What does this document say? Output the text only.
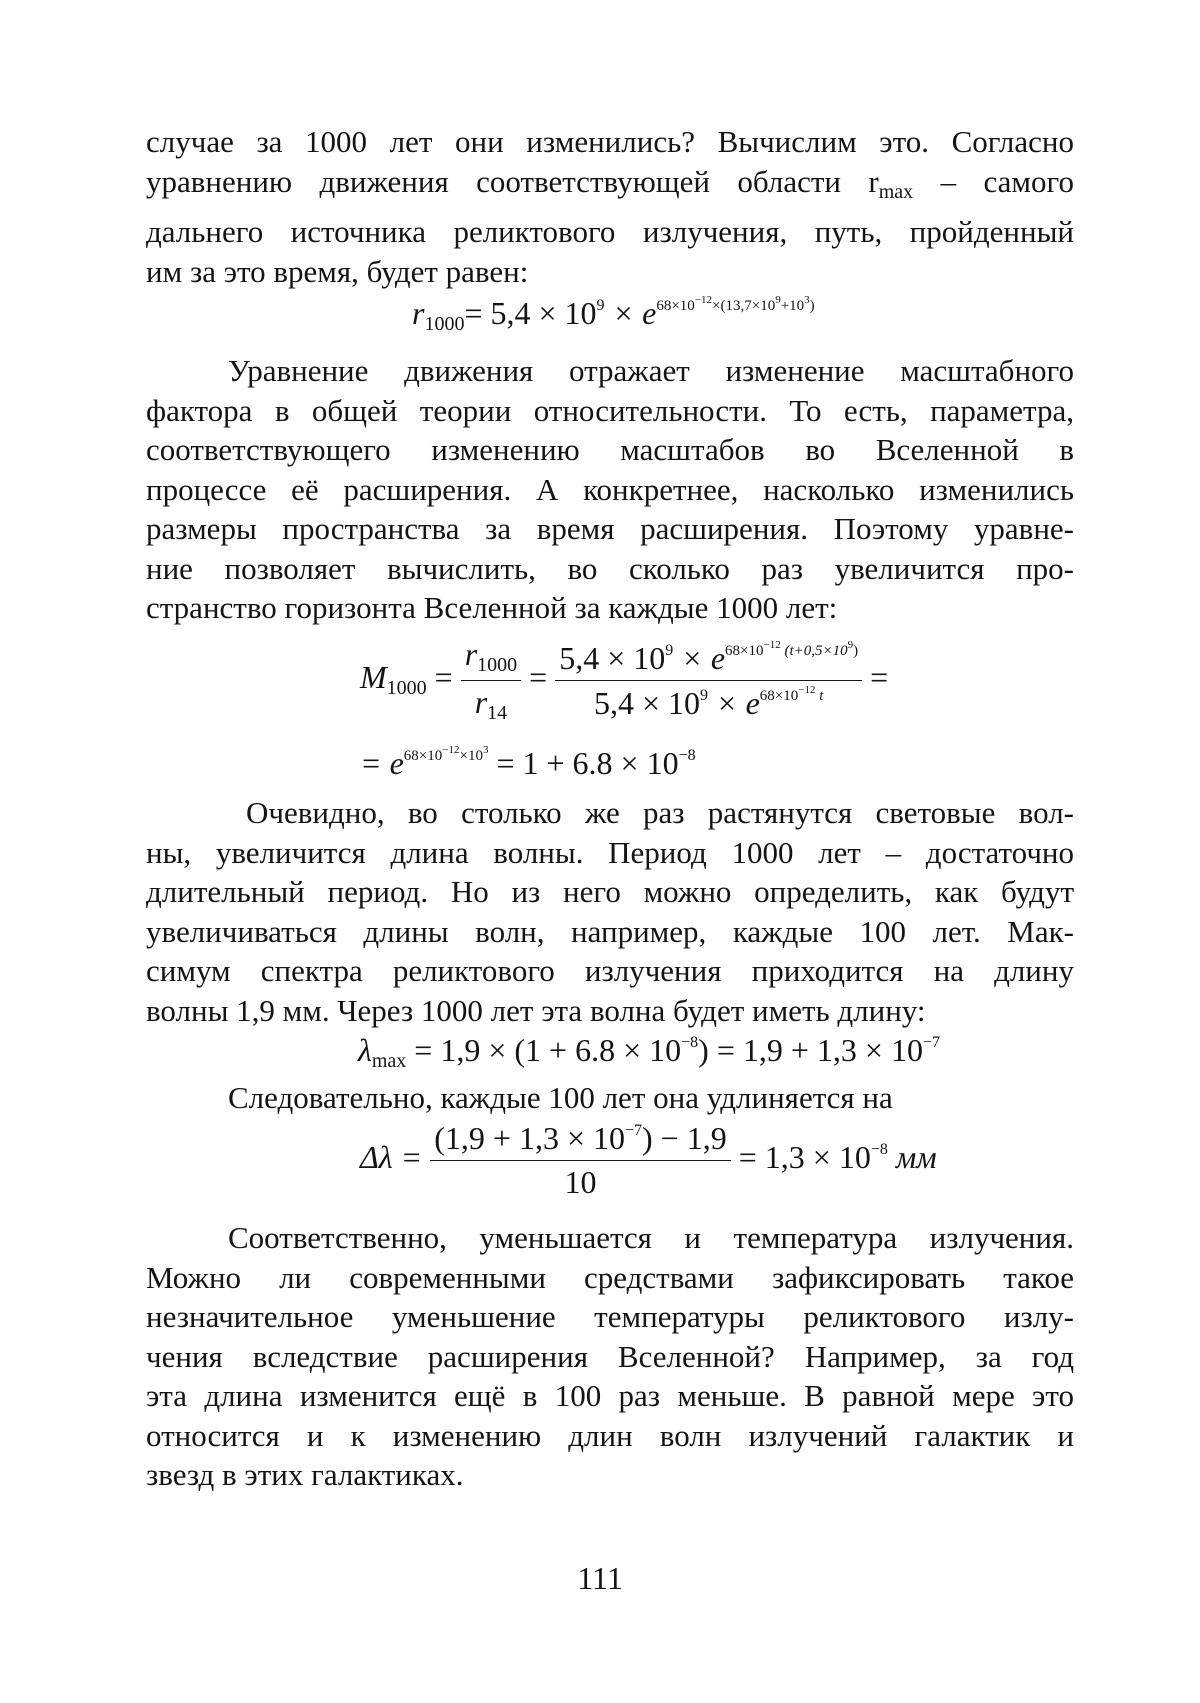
случае за 1000 лет они изменились? Вычислим это. Согласно
уравнению движения соответствующей области $r_{max}$ – самого
дальнего источника реликтового излучения, путь, пройденный
им за это время, будет равен:
$r_{1000}= 5,4 \times 10^9 \times e^{68\times 10^{-12}\times(13,7\times 10^9+10^3)}$
Уравнение движения отражает изменение масштабного
фактора в общей теории относительности. То есть, параметра,
соответствующего изменению масштабов во Вселенной в
процессе её расширения. А конкретнее, насколько изменились
размеры пространства за время расширения. Поэтому уравне-
ние позволяет вычислить, во сколько раз увеличится про-
странство горизонта Вселенной за каждые 1000 лет:
$M_{1000} = \frac{r_{1000}}{r_{14}} = \frac{5,4 \times 10^9 \times e^{68\times 10^{-12} (t+0,5\times 10^9)}}{5,4 \times 10^9 \times e^{68\times 10^{-12} t}}$ =
= $e^{68\times 10^{-12}\times 10^3} = 1 + 6.8 \times 10^{-8}$
Очевидно, во столько же раз растянутся световые вол-
ны, увеличится длина волны. Период 1000 лет – достаточно
длительный период. Но из него можно определить, как будут
увеличиваться длины волн, например, каждые 100 лет. Мак-
симум спектра реликтового излучения приходится на длину
волны 1,9 мм. Через 1000 лет эта волна будет иметь длину:
$\lambda_{max} = 1,9 \times (1 + 6.8 \times 10^{-8}) = 1,9 + 1,3 \times 10^{-7}$
Следовательно, каждые 100 лет она удлиняется на
$\Delta\lambda = \frac{(1,9 + 1,3 \times 10^{-7}) - 1,9}{10} = 1,3 \times 10^{-8}$ мм
Соответственно, уменьшается и температура излучения.
Можно ли современными средствами зафиксировать такое
незначительное уменьшение температуры реликтового излу-
чения вследствие расширения Вселенной? Например, за год
эта длина изменится ещё в 100 раз меньше. В равной мере это
относится и к изменению длин волн излучений галактик и
звезд в этих галактиках.
111
